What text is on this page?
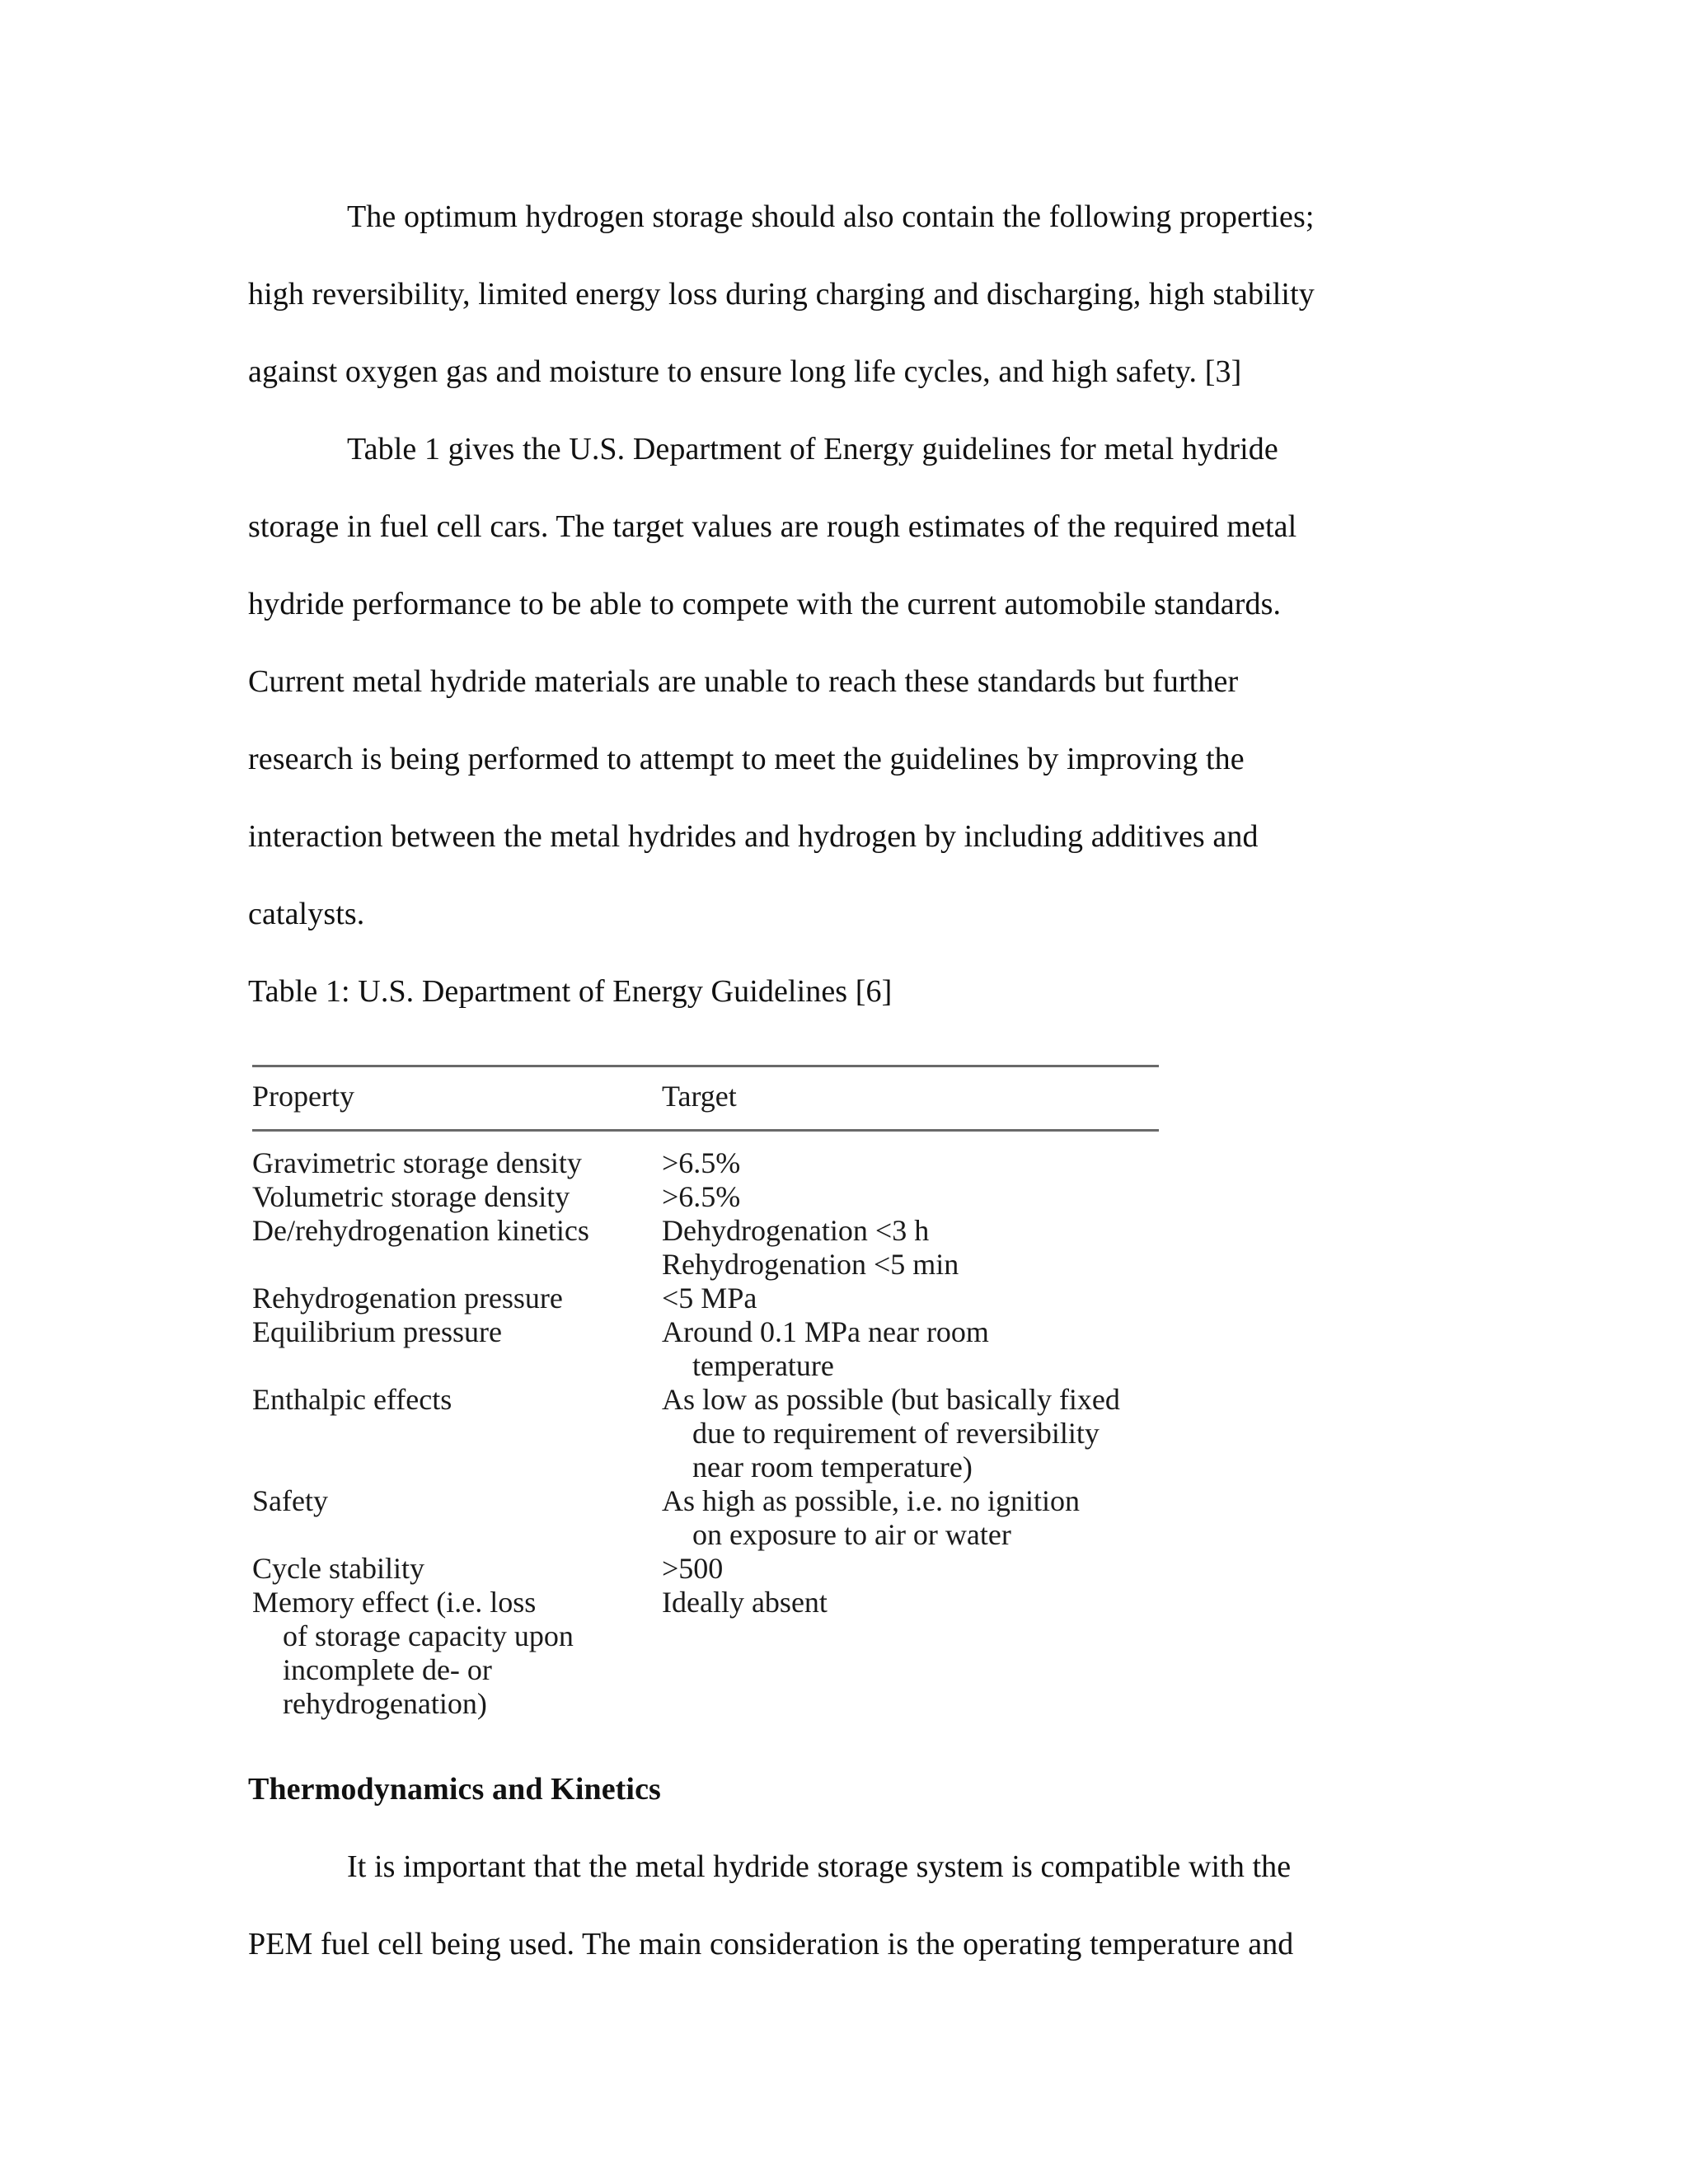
The optimum hydrogen storage should also contain the following properties;
high reversibility, limited energy loss during charging and discharging, high stability
against oxygen gas and moisture to ensure long life cycles, and high safety. [3]
Table 1 gives the U.S. Department of Energy guidelines for metal hydride
storage in fuel cell cars. The target values are rough estimates of the required metal
hydride performance to be able to compete with the current automobile standards.
Current metal hydride materials are unable to reach these standards but further
research is being performed to attempt to meet the guidelines by improving the
interaction between the metal hydrides and hydrogen by including additives and
catalysts.
Table 1: U.S. Department of Energy Guidelines [6]
Property	Target
Gravimetric storage density
Volumetric storage density
De/rehydrogenation kinetics
Rehydrogenation pressure
Equilibrium pressure
Enthalpic effects
Safety
Cycle stability
Memory effect (i.e. loss
of storage capacity upon
incomplete de- or
rehydrogenation)
>6.5%
>6.5%
Dehydrogenation <3 h
Rehydrogenation <5 min
<5 MPa
Around 0.1 MPa near room
temperature
As low as possible (but basically fixed
due to requirement of reversibility
near room temperature)
As high as possible, i.e. no ignition
on exposure to air or water
>500
Ideally absent
Thermodynamics and Kinetics
It is important that the metal hydride storage system is compatible with the
PEM fuel cell being used. The main consideration is the operating temperature and
